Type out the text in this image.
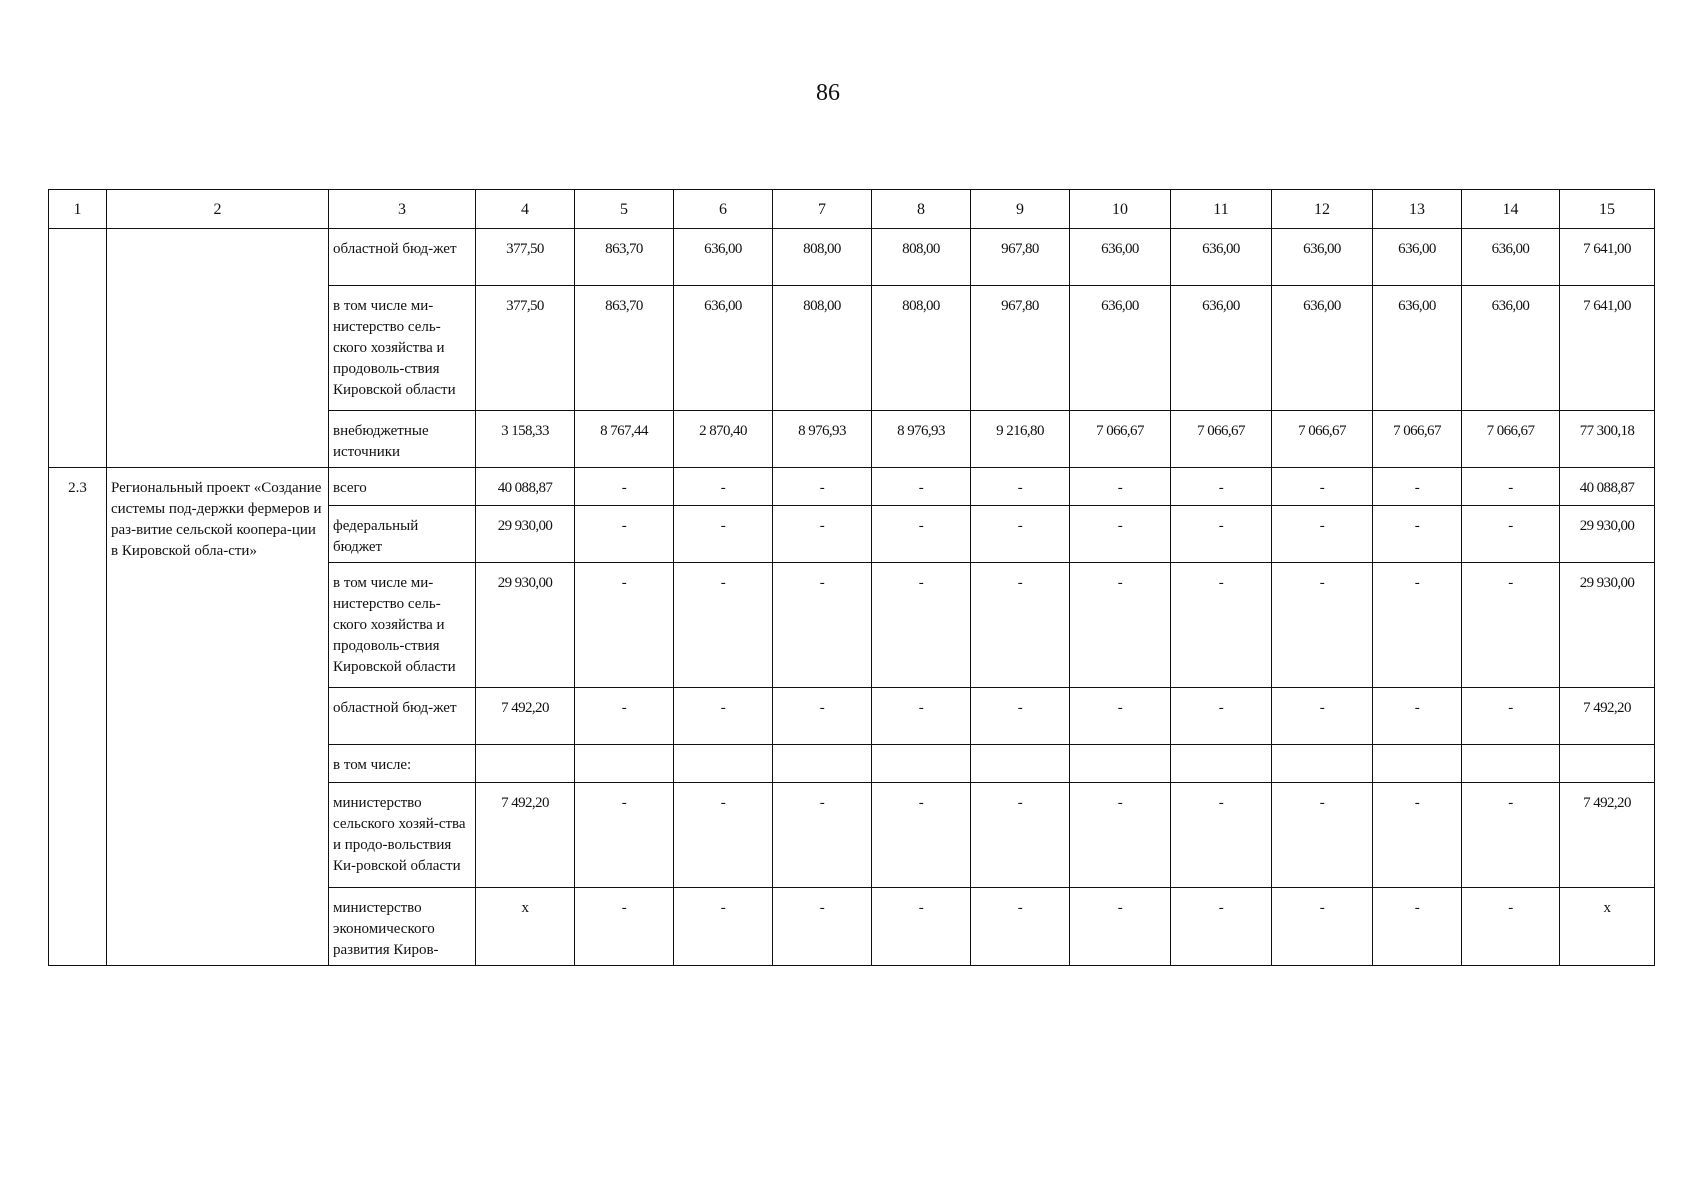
86
1	2	3	4	5	6	7	8	9	10	11	12	13	14	15
		областной бюд-жет	377,50	863,70	636,00	808,00	808,00	967,80	636,00	636,00	636,00	636,00	636,00	7 641,00
		в том числе ми-нистерство сель-ского хозяйства и продоволь-ствия Кировской области	377,50	863,70	636,00	808,00	808,00	967,80	636,00	636,00	636,00	636,00	636,00	7 641,00
		внебюджетные источники	3 158,33	8 767,44	2 870,40	8 976,93	8 976,93	9 216,80	7 066,67	7 066,67	7 066,67	7 066,67	7 066,67	77 300,18
2.3	Региональный проект «Создание системы под-держки фермеров и раз-витие сельской коопера-ции в Кировской обла-сти»	всего	40 088,87	-	-	-	-	-	-	-	-	-	-	40 088,87
		федеральный бюджет	29 930,00	-	-	-	-	-	-	-	-	-	-	29 930,00
		в том числе ми-нистерство сель-ского хозяйства и продоволь-ствия Кировской области	29 930,00	-	-	-	-	-	-	-	-	-	-	29 930,00
		областной бюд-жет	7 492,20	-	-	-	-	-	-	-	-	-	-	7 492,20
		в том числе:												
		министерство сельского хозяй-ства и продо-вольствия Ки-ровской области	7 492,20	-	-	-	-	-	-	-	-	-	-	7 492,20
		министерство экономического развития Киров-	x	-	-	-	-	-	-	-	-	-	-	x
